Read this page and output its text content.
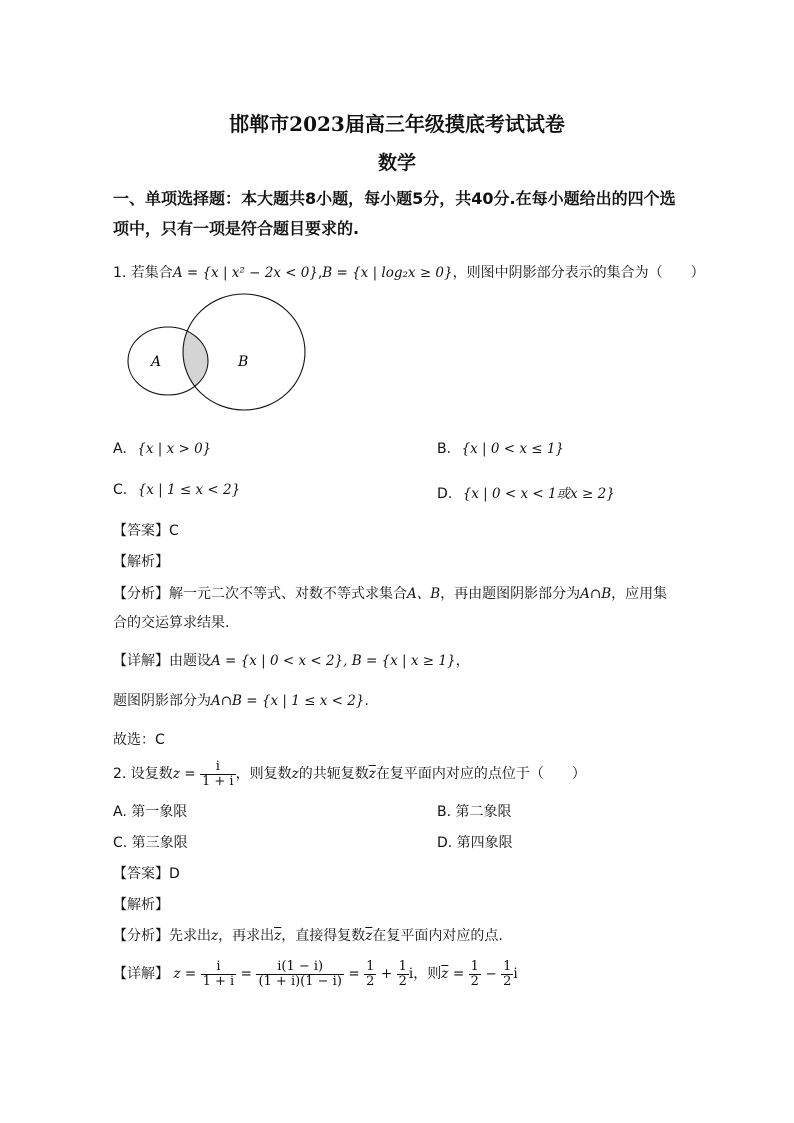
邯郸市2023届高三年级摸底考试试卷
数学
一、单项选择题：本大题共8小题，每小题5分，共40分.在每小题给出的四个选
项中，只有一项是符合题目要求的.
1. 若集合A = {x | x² − 2x < 0},B = {x | log₂x ≥ 0}，则图中阴影部分表示的集合为（　　）
A	B
A. {x | x > 0}	B. {x | 0 < x ≤ 1}
C. {x | 1 ≤ x < 2}	D. {x | 0 < x < 1或x ≥ 2}
【答案】C
【解析】
【分析】解一元二次不等式、对数不等式求集合A、B，再由题图阴影部分为A∩B，应用集
合的交运算求结果.
【详解】由题设A = {x | 0 < x < 2}, B = {x | x ≥ 1}，
题图阴影部分为A∩B = {x | 1 ≤ x < 2}.
故选：C
2. 设复数$z = \frac{i}{1 + i}$ ，则复数z的共轭复数$\overline{z}$在复平面内对应的点位于（　　）
A. 第一象限	B. 第二象限
C. 第三象限	D. 第四象限
【答案】D
【解析】
【分析】先求出z，再求出$\overline{z}$，直接得复数$\overline{z}$在复平面内对应的点.
【详解】 $z = \frac{i}{1 + i} = \frac{i(1 - i)}{(1 + i)(1 - i)} = \frac{1}{2} + \frac{1}{2}$ i，则$\overline{z} = \frac{1}{2} - \frac{1}{2}$ i
